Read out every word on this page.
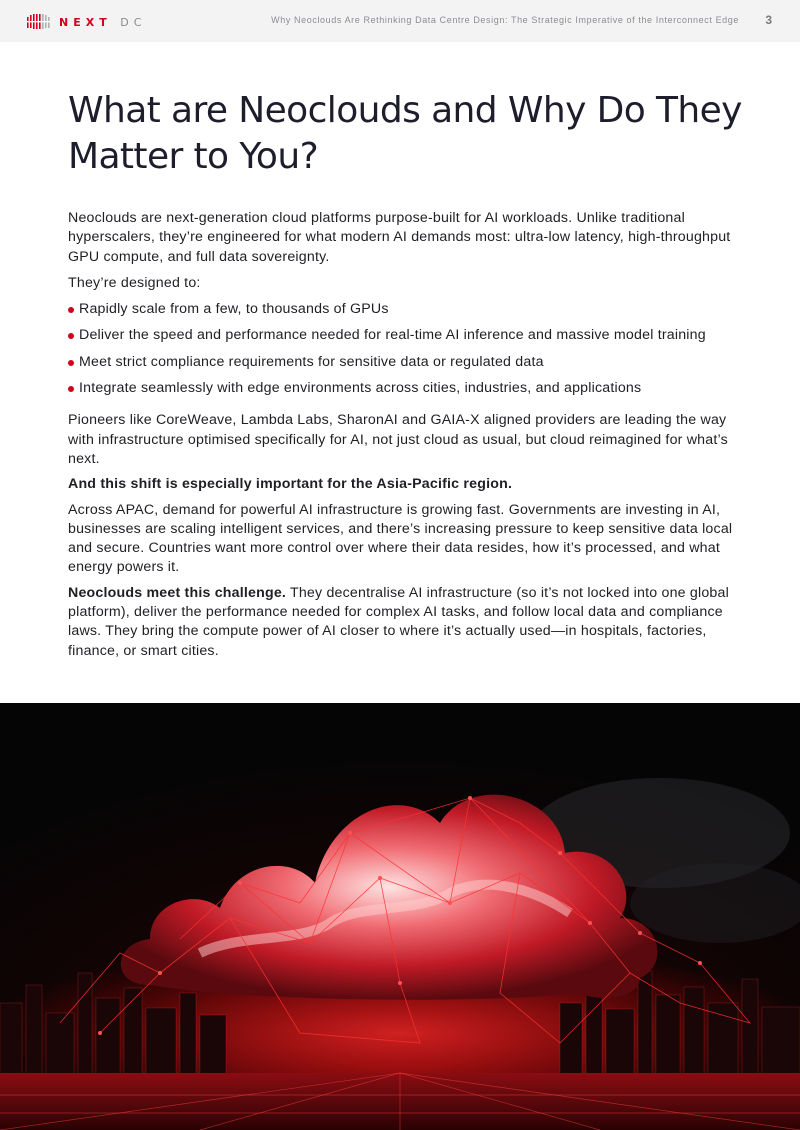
NEXT DC	Why Neoclouds Are Rethinking Data Centre Design: The Strategic Imperative of the Interconnect Edge 3
What are Neoclouds and Why Do They Matter to You?

Neoclouds are next-generation cloud platforms purpose-built for AI workloads. Unlike traditional hyperscalers, they’re engineered for what modern AI demands most: ultra-low latency, high-throughput GPU compute, and full data sovereignty.

They’re designed to:

Rapidly scale from a few, to thousands of GPUs
Deliver the speed and performance needed for real-time AI inference and massive model training
Meet strict compliance requirements for sensitive data or regulated data
Integrate seamlessly with edge environments across cities, industries, and applications

Pioneers like CoreWeave, Lambda Labs, SharonAI and GAIA-X aligned providers are leading the way with infrastructure optimised specifically for AI, not just cloud as usual, but cloud reimagined for what’s next.

And this shift is especially important for the Asia-Pacific region.

Across APAC, demand for powerful AI infrastructure is growing fast. Governments are investing in AI, businesses are scaling intelligent services, and there’s increasing pressure to keep sensitive data local and secure. Countries want more control over where their data resides, how it’s processed, and what energy powers it.

Neoclouds meet this challenge. They decentralise AI infrastructure (so it’s not locked into one global platform), deliver the performance needed for complex AI tasks, and follow local data and compliance laws. They bring the compute power of AI closer to where it’s actually used—in hospitals, factories, finance, or smart cities.
